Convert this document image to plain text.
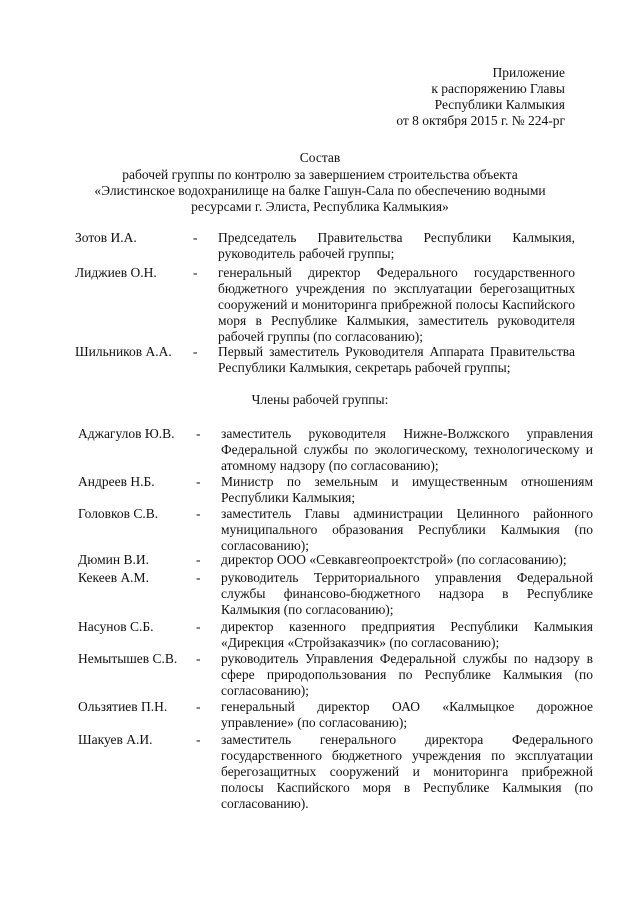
Приложение
к распоряжению Главы
Республики Калмыкия
от 8 октября 2015 г. № 224-рг
Состав
рабочей группы по контролю за завершением строительства объекта
«Элистинское водохранилище на балке Гашун-Сала по обеспечению водными
ресурсами г. Элиста, Республика Калмыкия»
Зотов И.А.	- Председатель Правительства Республики Калмыкия, руководитель рабочей группы;
Лиджиев О.Н.	- генеральный директор Федерального государственного бюджетного учреждения по эксплуатации берегозащитных сооружений и мониторинга прибрежной полосы Каспийского моря в Республике Калмыкия, заместитель руководителя рабочей группы (по согласованию);
Шильников А.А. - Первый заместитель Руководителя Аппарата Правительства Республики Калмыкия, секретарь рабочей группы;
Члены рабочей группы:
Аджагулов Ю.В. - заместитель руководителя Нижне-Волжского управления Федеральной службы по экологическому, технологическому и атомному надзору (по согласованию);
Андреев Н.Б.	- Министр по земельным и имущественным отношениям Республики Калмыкия;
Головков С.В.	- заместитель Главы администрации Целинного районного муниципального образования Республики Калмыкия (по согласованию);
Дюмин В.И.	- директор ООО «Севкавгеопроектстрой» (по согласованию);
Кекеев А.М.	- руководитель Территориального управления Федеральной службы финансово-бюджетного надзора в Республике Калмыкия (по согласованию);
Насунов С.Б.	- директор казенного предприятия Республики Калмыкия «Дирекция «Стройзаказчик» (по согласованию);
Немытышев С.В. - руководитель Управления Федеральной службы по надзору в сфере природопользования по Республике Калмыкия (по согласованию);
Ользятиев П.Н. - генеральный директор ОАО «Калмыцкое дорожное управление» (по согласованию);
Шакуев А.И.	- заместитель генерального директора Федерального государственного бюджетного учреждения по эксплуатации берегозащитных сооружений и мониторинга прибрежной полосы Каспийского моря в Республике Калмыкия (по согласованию).
